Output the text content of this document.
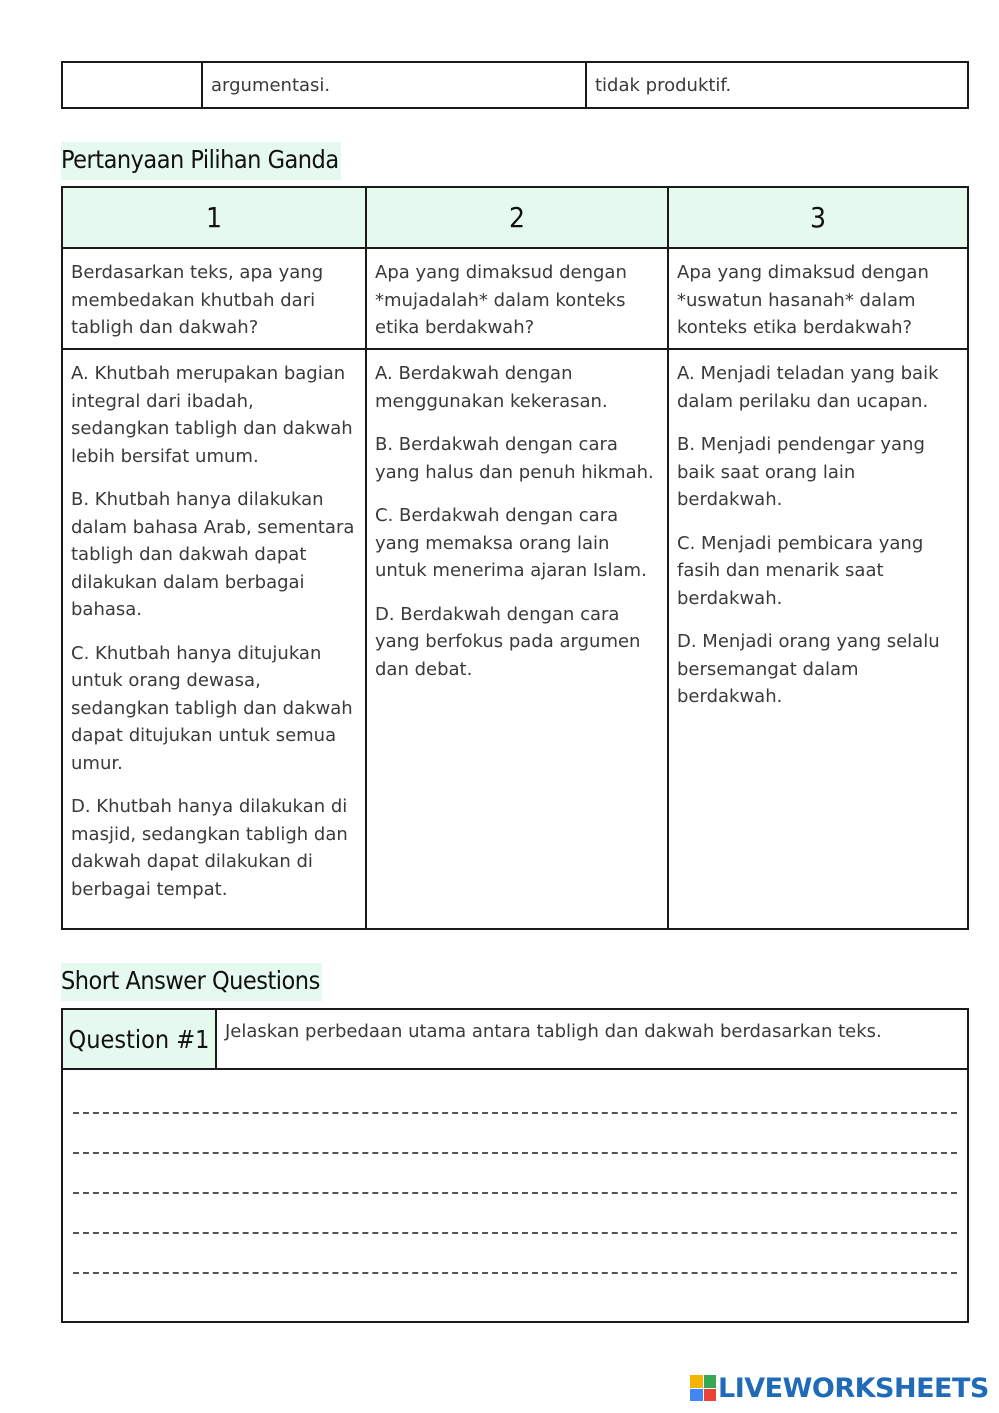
argumentasi.	tidak produktif.
Pertanyaan Pilihan Ganda
1
Berdasarkan teks, apa yang membedakan khutbah dari tabligh dan dakwah?
A. Khutbah merupakan bagian integral dari ibadah, sedangkan tabligh dan dakwah lebih bersifat umum.
B. Khutbah hanya dilakukan dalam bahasa Arab, sementara tabligh dan dakwah dapat dilakukan dalam berbagai bahasa.
C. Khutbah hanya ditujukan untuk orang dewasa, sedangkan tabligh dan dakwah dapat ditujukan untuk semua umur.
D. Khutbah hanya dilakukan di masjid, sedangkan tabligh dan dakwah dapat dilakukan di berbagai tempat.
2
Apa yang dimaksud dengan *mujadalah* dalam konteks etika berdakwah?
A. Berdakwah dengan menggunakan kekerasan.
B. Berdakwah dengan cara yang halus dan penuh hikmah.
C. Berdakwah dengan cara yang memaksa orang lain untuk menerima ajaran Islam.
D. Berdakwah dengan cara yang berfokus pada argumen dan debat.
3
Apa yang dimaksud dengan *uswatun hasanah* dalam konteks etika berdakwah?
A. Menjadi teladan yang baik dalam perilaku dan ucapan.
B. Menjadi pendengar yang baik saat orang lain berdakwah.
C. Menjadi pembicara yang fasih dan menarik saat berdakwah.
D. Menjadi orang yang selalu bersemangat dalam berdakwah.
Short Answer Questions
Question #1 Jelaskan perbedaan utama antara tabligh dan dakwah berdasarkan teks.
LIVEWORKSHEETS
